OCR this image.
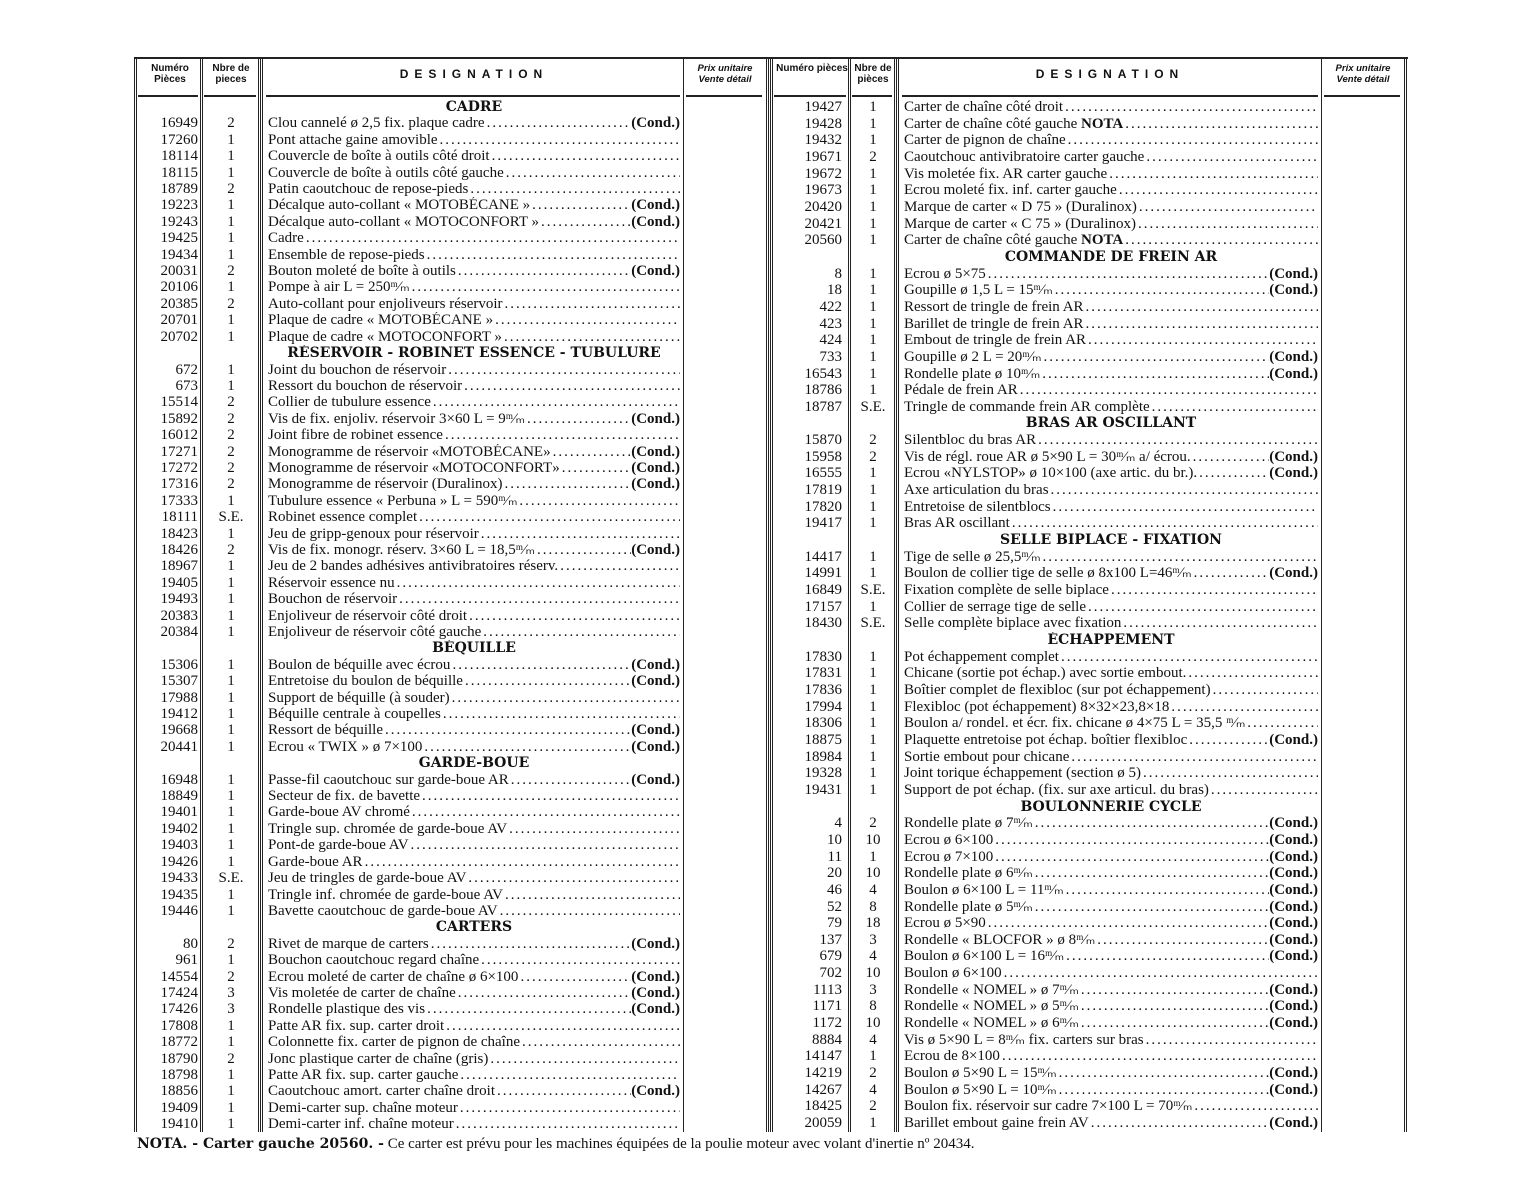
Numéro Pièces
Nbre de pieces	DESIGNATION	Prix unitaire Vente détail
CADRE
16949	2	Clou cannelé ø 2,5 fix. plaque cadre .....	(Cond.)
17260	1	Pont attache gaine amovible
.....
18114	1	Couvercle de boîte à outils côté droit
.....
18115	1	Couvercle de boîte à outils côté gauche
.....
18789	2	Patin caoutchouc de repose-pieds
.....
19223	1	Décalque auto-collant « MOTOBÉCANE » .....	(Cond.)
19243	1	Décalque auto-collant « MOTOCONFORT » .....	(Cond.)
19425	1	Cadre
.....
19434	1	Ensemble de repose-pieds
.....
20031	2	Bouton moleté de boîte à outils .....	(Cond.)
20106	1	Pompe à air L = 250ᵐ⁄ₘ
.....
20385	2	Auto-collant pour enjoliveurs réservoir
.....
20701	1	Plaque de cadre « MOTOBÉCANE »
.....
20702	1	Plaque de cadre « MOTOCONFORT »
.....
RÉSERVOIR - ROBINET ESSENCE - TUBULURE
672	1	Joint du bouchon de réservoir
.....
673	1	Ressort du bouchon de réservoir
.....
15514	2	Collier de tubulure essence
.....
15892	2	Vis de fix. enjoliv. réservoir 3×60 L = 9ᵐ⁄ₘ .....	(Cond.)
16012	2	Joint fibre de robinet essence
.....
17271	2	Monogramme de réservoir «MOTOBÉCANE» .....	(Cond.)
17272	2	Monogramme de réservoir «MOTOCONFORT» .....	(Cond.)
17316	2	Monogramme de réservoir (Duralinox) .....	(Cond.)
17333	1	Tubulure essence « Perbuna » L = 590ᵐ⁄ₘ
.....
18111	S.E.	Robinet essence complet
.....
18423	1	Jeu de gripp-genoux pour réservoir
.....
18426	2	Vis de fix. monogr. réserv. 3×60 L = 18,5ᵐ⁄ₘ .....	(Cond.)
18967	1	Jeu de 2 bandes adhésives antivibratoires réserv.
.....
19405	1	Réservoir essence nu
.....
19493	1	Bouchon de réservoir
.....
20383	1	Enjoliveur de réservoir côté droit
.....
20384	1	Enjoliveur de réservoir côté gauche
.....
BÉQUILLE
15306	1	Boulon de béquille avec écrou .....	(Cond.)
15307	1	Entretoise du boulon de béquille .....	(Cond.)
17988	1	Support de béquille (à souder)
.....
19412	1	Béquille centrale à coupelles
.....
19668	1	Ressort de béquille .....	(Cond.)
20441	1	Ecrou « TWIX » ø 7×100 .....	(Cond.)
GARDE-BOUE
16948	1	Passe-fil caoutchouc sur garde-boue AR .....	(Cond.)
18849	1	Secteur de fix. de bavette
.....
19401	1	Garde-boue AV chromé
.....
19402	1	Tringle sup. chromée de garde-boue AV
.....
19403	1	Pont-de garde-boue AV
.....
19426	1	Garde-boue AR
.....
19433	S.E.	Jeu de tringles de garde-boue AV
.....
19435	1	Tringle inf. chromée de garde-boue AV
.....
19446	1	Bavette caoutchouc de garde-boue AV
.....
CARTERS
80	2	Rivet de marque de carters .....	(Cond.)
961	1	Bouchon caoutchouc regard chaîne
.....
14554	2	Ecrou moleté de carter de chaîne ø 6×100 .....	(Cond.)
17424	3	Vis moletée de carter de chaîne .....	(Cond.)
17426	3	Rondelle plastique des vis .....	(Cond.)
17808	1	Patte AR fix. sup. carter droit
.....
18772	1	Colonnette fix. carter de pignon de chaîne
.....
18790	2	Jonc plastique carter de chaîne (gris)
.....
18798	1	Patte AR fix. sup. carter gauche
.....
18856	1	Caoutchouc amort. carter chaîne droit .....	(Cond.)
19409	1	Demi-carter sup. chaîne moteur
.....
19410	1	Demi-carter inf. chaîne moteur
.....
Numéro pièces Nbre de pièces	DESIGNATION	Prix unitaire Vente détail
19427	1	Carter de chaîne côté droit
.....
19428	1	Carter de chaîne côté gauche NOTA
.....
19432	1	Carter de pignon de chaîne
.....
19671	2	Caoutchouc antivibratoire carter gauche
.....
19672	1	Vis moletée fix. AR carter gauche
.....
19673	1	Ecrou moleté fix. inf. carter gauche
.....
20420	1	Marque de carter « D 75 » (Duralinox)
.....
20421	1	Marque de carter « C 75 » (Duralinox)
.....
20560	1	Carter de chaîne côté gauche NOTA
.....
COMMANDE DE FREIN AR
8	1	Ecrou ø 5×75 .....	(Cond.)
18	1	Goupille ø 1,5 L = 15ᵐ⁄ₘ .....	(Cond.)
422	1	Ressort de tringle de frein AR
.....
423	1	Barillet de tringle de frein AR
.....
424	1	Embout de tringle de frein AR
.....
733	1	Goupille ø 2 L = 20ᵐ⁄ₘ .....	(Cond.)
16543	1	Rondelle plate ø 10ᵐ⁄ₘ .....	(Cond.)
18786	1	Pédale de frein AR
.....
18787	S.E.	Tringle de commande frein AR complète
.....
BRAS AR OSCILLANT
15870	2	Silentbloc du bras AR
.....
15958	2	Vis de régl. roue AR ø 5×90 L = 30ᵐ⁄ₘ a/ écrou. .....	(Cond.)
16555	1	Ecrou «NYLSTOP» ø 10×100 (axe artic. du br.). .....	(Cond.)
17819	1	Axe articulation du bras
.....
17820	1	Entretoise de silentblocs
.....
19417	1	Bras AR oscillant
.....
SELLE BIPLACE - FIXATION
14417	1	Tige de selle ø 25,5ᵐ⁄ₘ
.....
14991	1	Boulon de collier tige de selle ø 8x100 L=46ᵐ⁄ₘ .....	(Cond.)
16849	S.E.	Fixation complète de selle biplace
.....
17157	1	Collier de serrage tige de selle
.....
18430	S.E.	Selle complète biplace avec fixation
.....
ÉCHAPPEMENT
17830	1	Pot échappement complet
.....
17831	1	Chicane (sortie pot échap.) avec sortie embout.
.....
17836	1	Boîtier complet de flexibloc (sur pot échappement)
.....
17994	1	Flexibloc (pot échappement) 8×32×23,8×18
.....
18306	1	Boulon a/ rondel. et écr. fix. chicane ø 4×75 L = 35,5 ᵐ⁄ₘ
.....
18875	1	Plaquette entretoise pot échap. boîtier flexibloc .....	(Cond.)
18984	1	Sortie embout pour chicane
.....
19328	1	Joint torique échappement (section ø 5)
.....
19431	1	Support de pot échap. (fix. sur axe articul. du bras)
.....
BOULONNERIE CYCLE
4	2	Rondelle plate ø 7ᵐ⁄ₘ .....	(Cond.)
10	10	Ecrou ø 6×100 .....	(Cond.)
11	1	Ecrou ø 7×100 .....	(Cond.)
20	10	Rondelle plate ø 6ᵐ⁄ₘ .....	(Cond.)
46	4	Boulon ø 6×100 L = 11ᵐ⁄ₘ .....	(Cond.)
52	8	Rondelle plate ø 5ᵐ⁄ₘ .....	(Cond.)
79	18	Ecrou ø 5×90 .....	(Cond.)
137	3	Rondelle « BLOCFOR » ø 8ᵐ⁄ₘ .....	(Cond.)
679	4	Boulon ø 6×100 L = 16ᵐ⁄ₘ .....	(Cond.)
702	10	Boulon ø 6×100
.....
1113	3	Rondelle « NOMEL » ø 7ᵐ⁄ₘ .....	(Cond.)
1171	8	Rondelle « NOMEL » ø 5ᵐ⁄ₘ .....	(Cond.)
1172	10	Rondelle « NOMEL » ø 6ᵐ⁄ₘ .....	(Cond.)
8884	4	Vis ø 5×90 L = 8ᵐ⁄ₘ fix. carters sur bras
.....
14147	1	Ecrou de 8×100
.....
14219	2	Boulon ø 5×90 L = 15ᵐ⁄ₘ .....	(Cond.)
14267	4	Boulon ø 5×90 L = 10ᵐ⁄ₘ .....	(Cond.)
18425	2	Boulon fix. réservoir sur cadre 7×100 L = 70ᵐ⁄ₘ
.....
20059	1	Barillet embout gaine frein AV .....	(Cond.)
NOTA. - Carter gauche 20560. - Ce carter est prévu pour les machines équipées de la poulie moteur avec volant d'inertie nº 20434.
